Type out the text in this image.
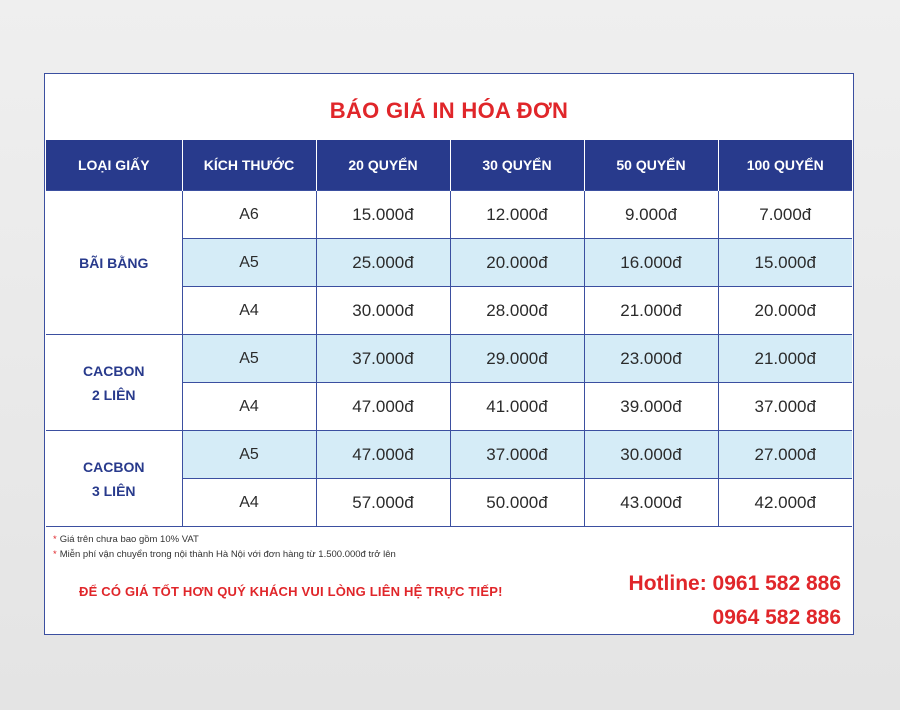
BÁO GIÁ IN HÓA ĐƠN
LOẠI GIẤY	KÍCH THƯỚC	20 QUYỂN	30 QUYỂN	50 QUYỂN	100 QUYỂN

BÃI BẰNG	A6	15.000đ	12.000đ	9.000đ	7.000đ
	A5	25.000đ	20.000đ	16.000đ	15.000đ
	A4	30.000đ	28.000đ	21.000đ	20.000đ

CACBON
2 LIÊN	A5	37.000đ	29.000đ	23.000đ	21.000đ
	A4	47.000đ	41.000đ	39.000đ	37.000đ

CACBON
3 LIÊN	A5	47.000đ	37.000đ	30.000đ	27.000đ
	A4	57.000đ	50.000đ	43.000đ	42.000đ
* Giá trên chưa bao gồm 10% VAT
* Miễn phí vận chuyển trong nội thành Hà Nội với đơn hàng từ 1.500.000đ trở lên
ĐỂ CÓ GIÁ TỐT HƠN QUÝ KHÁCH VUI LÒNG LIÊN HỆ TRỰC TIẾP!	Hotline: 0961 582 886
0964 582 886
